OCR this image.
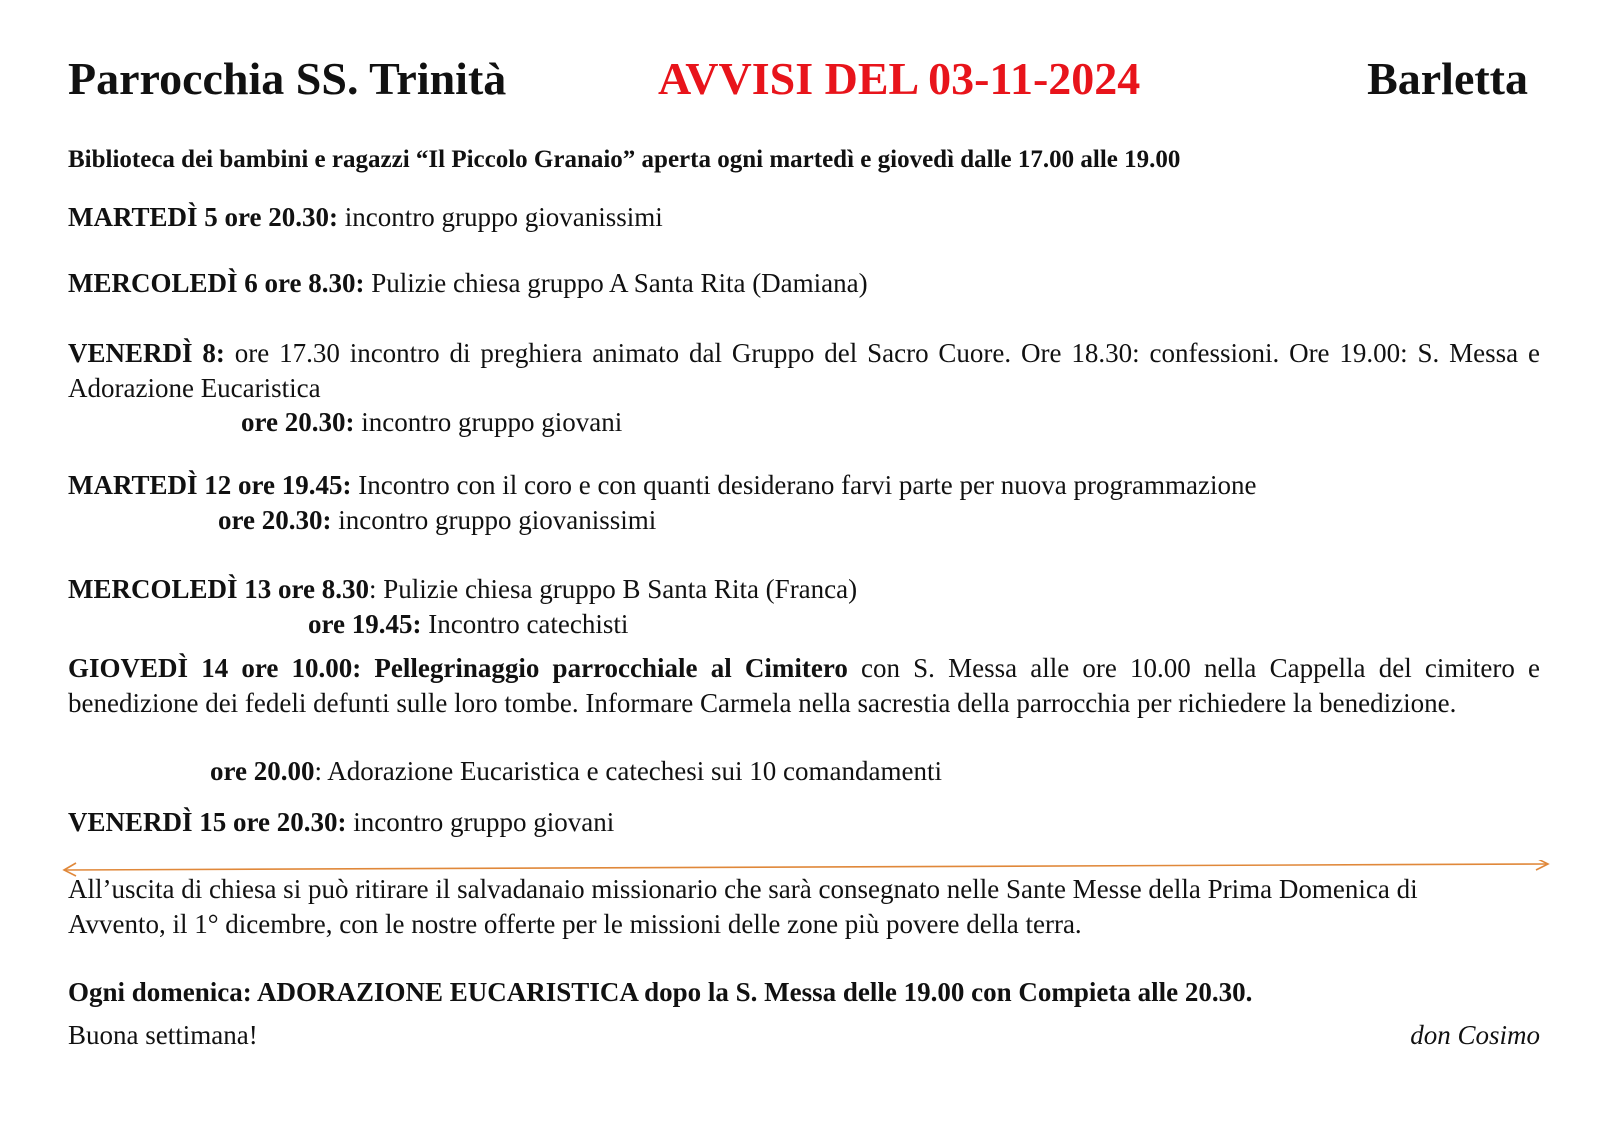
Parrocchia SS. Trinità	AVVISI DEL 03-11-2024	Barletta
Biblioteca dei bambini e ragazzi “Il Piccolo Granaio” aperta ogni martedì e giovedì dalle 17.00 alle 19.00
MARTEDÌ 5 ore 20.30: incontro gruppo giovanissimi
MERCOLEDÌ 6 ore 8.30: Pulizie chiesa gruppo A Santa Rita (Damiana)
VENERDÌ 8: ore 17.30 incontro di preghiera animato dal Gruppo del Sacro Cuore. Ore 18.30: confessioni. Ore 19.00: S. Messa e Adorazione Eucaristica
ore 20.30: incontro gruppo giovani
MARTEDÌ 12 ore 19.45: Incontro con il coro e con quanti desiderano farvi parte per nuova programmazione
ore 20.30: incontro gruppo giovanissimi
MERCOLEDÌ 13 ore 8.30: Pulizie chiesa gruppo B Santa Rita (Franca)
ore 19.45: Incontro catechisti
GIOVEDÌ 14 ore 10.00: Pellegrinaggio parrocchiale al Cimitero con S. Messa alle ore 10.00 nella Cappella del cimitero e benedizione dei fedeli defunti sulle loro tombe. Informare Carmela nella sacrestia della parrocchia per richiedere la benedizione.
ore 20.00: Adorazione Eucaristica e catechesi sui 10 comandamenti
VENERDÌ 15 ore 20.30: incontro gruppo giovani
All’uscita di chiesa si può ritirare il salvadanaio missionario che sarà consegnato nelle Sante Messe della Prima Domenica di Avvento, il 1° dicembre, con le nostre offerte per le missioni delle zone più povere della terra.
Ogni domenica: ADORAZIONE EUCARISTICA dopo la S. Messa delle 19.00 con Compieta alle 20.30.
Buona settimana!	don Cosimo
